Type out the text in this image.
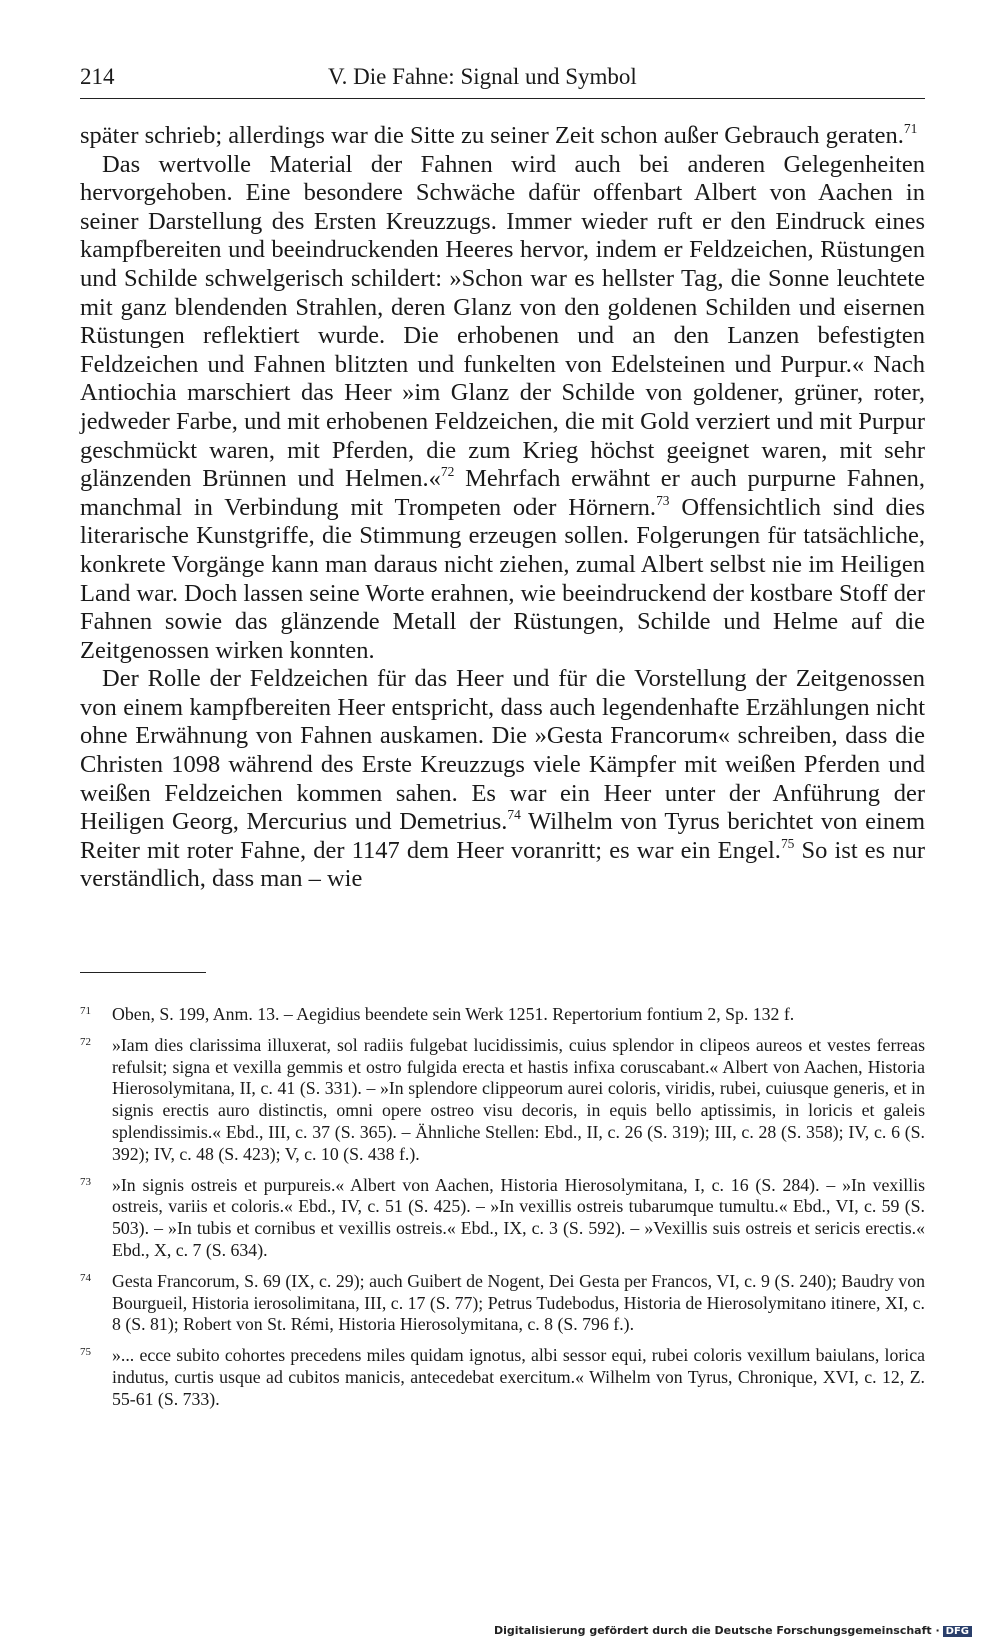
214	V. Die Fahne: Signal und Symbol

später schrieb; allerdings war die Sitte zu seiner Zeit schon außer Gebrauch geraten.$^{71}$

Das wertvolle Material der Fahnen wird auch bei anderen Gelegenheiten hervorgehoben. Eine besondere Schwäche dafür offenbart Albert von Aachen in seiner Darstellung des Ersten Kreuzzugs. Immer wieder ruft er den Eindruck eines kampfbereiten und beeindruckenden Heeres hervor, indem er Feldzeichen, Rüstungen und Schilde schwelgerisch schildert: »Schon war es hellster Tag, die Sonne leuchtete mit ganz blendenden Strahlen, deren Glanz von den goldenen Schilden und eisernen Rüstungen reflektiert wurde. Die erhobenen und an den Lanzen befestigten Feldzeichen und Fahnen blitzten und funkelten von Edelsteinen und Purpur.« Nach Antiochia marschiert das Heer »im Glanz der Schilde von goldener, grüner, roter, jedweder Farbe, und mit erhobenen Feldzeichen, die mit Gold verziert und mit Purpur geschmückt waren, mit Pferden, die zum Krieg höchst geeignet waren, mit sehr glänzenden Brünnen und Helmen.«$^{72}$ Mehrfach erwähnt er auch purpurne Fahnen, manchmal in Verbindung mit Trompeten oder Hörnern.$^{73}$ Offensichtlich sind dies literarische Kunstgriffe, die Stimmung erzeugen sollen. Folgerungen für tatsächliche, konkrete Vorgänge kann man daraus nicht ziehen, zumal Albert selbst nie im Heiligen Land war. Doch lassen seine Worte erahnen, wie beeindruckend der kostbare Stoff der Fahnen sowie das glänzende Metall der Rüstungen, Schilde und Helme auf die Zeitgenossen wirken konnten.

Der Rolle der Feldzeichen für das Heer und für die Vorstellung der Zeitgenossen von einem kampfbereiten Heer entspricht, dass auch legendenhafte Erzählungen nicht ohne Erwähnung von Fahnen auskamen. Die »Gesta Francorum« schreiben, dass die Christen 1098 während des Erste Kreuzzugs viele Kämpfer mit weißen Pferden und weißen Feldzeichen kommen sahen. Es war ein Heer unter der Anführung der Heiligen Georg, Mercurius und Demetrius.$^{74}$ Wilhelm von Tyrus berichtet von einem Reiter mit roter Fahne, der 1147 dem Heer voranritt; es war ein Engel.$^{75}$ So ist es nur verständlich, dass man – wie

71 Oben, S. 199, Anm. 13. – Aegidius beendete sein Werk 1251. Repertorium fontium 2, Sp. 132 f.
72 »Iam dies clarissima illuxerat, sol radiis fulgebat lucidissimis, cuius splendor in clipeos aureos et vestes ferreas refulsit; signa et vexilla gemmis et ostro fulgida erecta et hastis infixa coruscabant.« Albert von Aachen, Historia Hierosolymitana, II, c. 41 (S. 331). – »In splendore clippeorum aurei coloris, viridis, rubei, cuiusque generis, et in signis erectis auro distinctis, omni opere ostreo visu decoris, in equis bello aptissimis, in loricis et galeis splendissimis.« Ebd., III, c. 37 (S. 365). – Ähnliche Stellen: Ebd., II, c. 26 (S. 319); III, c. 28 (S. 358); IV, c. 6 (S. 392); IV, c. 48 (S. 423); V, c. 10 (S. 438 f.).
73 »In signis ostreis et purpureis.« Albert von Aachen, Historia Hierosolymitana, I, c. 16 (S. 284). – »In vexillis ostreis, variis et coloris.« Ebd., IV, c. 51 (S. 425). – »In vexillis ostreis tubarumque tumultu.« Ebd., VI, c. 59 (S. 503). – »In tubis et cornibus et vexillis ostreis.« Ebd., IX, c. 3 (S. 592). – »Vexillis suis ostreis et sericis erectis.« Ebd., X, c. 7 (S. 634).
74 Gesta Francorum, S. 69 (IX, c. 29); auch Guibert de Nogent, Dei Gesta per Francos, VI, c. 9 (S. 240); Baudry von Bourgueil, Historia ierosolimitana, III, c. 17 (S. 77); Petrus Tudebodus, Historia de Hierosolymitano itinere, XI, c. 8 (S. 81); Robert von St. Rémi, Historia Hierosolymitana, c. 8 (S. 796 f.).
75 »... ecce subito cohortes precedens miles quidam ignotus, albi sessor equi, rubei coloris vexillum baiulans, lorica indutus, curtis usque ad cubitos manicis, antecedebat exercitum.« Wilhelm von Tyrus, Chronique, XVI, c. 12, Z. 55-61 (S. 733).
Digitalisierung gefördert durch die Deutsche Forschungsgemeinschaft · DFG
